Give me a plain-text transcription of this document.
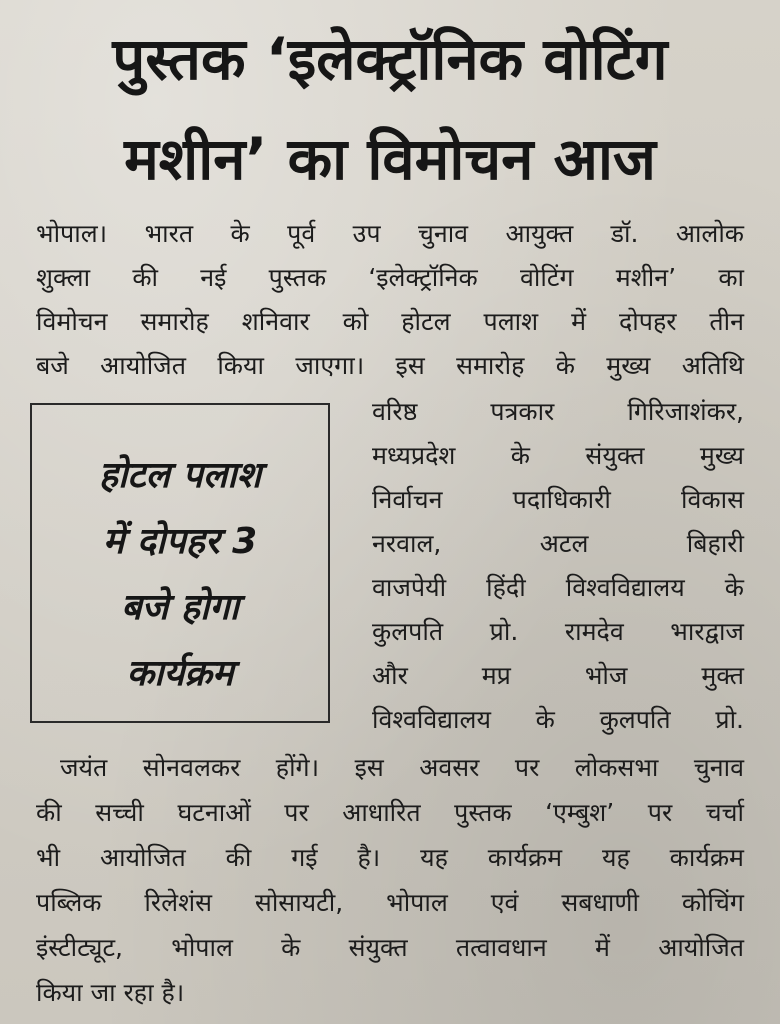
पुस्तक ‘इलेक्ट्रॉनिक वोटिंग
मशीन’ का विमोचन आज
भोपाल। भारत के पूर्व उप चुनाव आयुक्त डॉ. आलोक
शुक्ला की नई पुस्तक ‘इलेक्ट्रॉनिक वोटिंग मशीन’ का
विमोचन समारोह शनिवार को होटल पलाश में दोपहर तीन
बजे आयोजित किया जाएगा। इस समारोह के मुख्य अतिथि
वरिष्ठ पत्रकार गिरिजाशंकर,
मध्यप्रदेश के संयुक्त मुख्य
निर्वाचन पदाधिकारी विकास
नरवाल, अटल बिहारी
वाजपेयी हिंदी विश्वविद्यालय के
कुलपति प्रो. रामदेव भारद्वाज
और मप्र भोज मुक्त
विश्वविद्यालय के कुलपति प्रो.
होटल पलाश
में दोपहर 3
बजे होगा
कार्यक्रम
जयंत सोनवलकर होंगे। इस अवसर पर लोकसभा चुनाव
की सच्ची घटनाओं पर आधारित पुस्तक ‘एम्बुश’ पर चर्चा
भी आयोजित की गई है। यह कार्यक्रम यह कार्यक्रम
पब्लिक रिलेशंस सोसायटी, भोपाल एवं सबधाणी कोचिंग
इंस्टीट्यूट, भोपाल के संयुक्त तत्वावधान में आयोजित
किया जा रहा है।
